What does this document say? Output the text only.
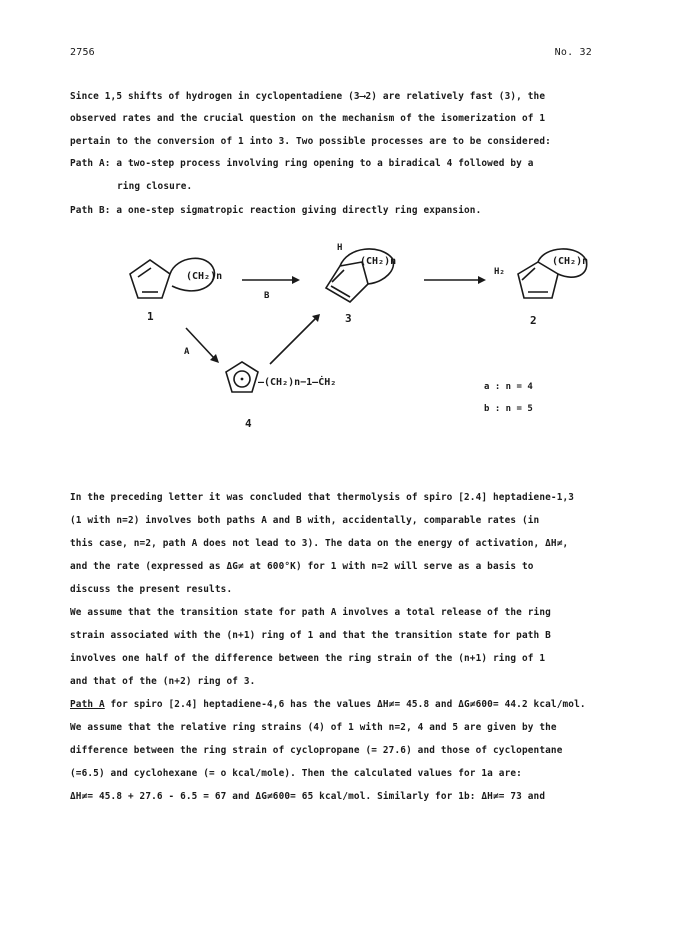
2756	No. 32
Since 1,5 shifts of hydrogen in cyclopentadiene (3⟶2) are relatively fast (3), the
observed rates and the crucial question on the mechanism of the isomerization of 1
pertain to the conversion of 1 into 3. Two possible processes are to be considered:
Path A: a two-step process involving ring opening to a biradical 4 followed by a
ring closure.
Path B: a one-step sigmatropic reaction giving directly ring expansion.
(CH₂)n
1
B
H
(CH₂)n
3
H₂
(CH₂)n
2
A
—(CH₂)n−1—ĊH₂
4
a : n = 4
b : n = 5
In the preceding letter it was concluded that thermolysis of spiro [2.4] heptadiene-1,3
(1 with n=2) involves both paths A and B with, accidentally, comparable rates (in
this case, n=2, path A does not lead to 3). The data on the energy of activation, ΔH≠,
and the rate (expressed as ΔG≠ at 600°K) for 1 with n=2 will serve as a basis to
discuss the present results.
We assume that the transition state for path A involves a total release of the ring
strain associated with the (n+1) ring of 1 and that the transition state for path B
involves one half of the difference between the ring strain of the (n+1) ring of 1
and that of the (n+2) ring of 3.
Path A for spiro [2.4] heptadiene-4,6 has the values ΔH≠= 45.8 and ΔG≠600= 44.2 kcal/mol.
We assume that the relative ring strains (4) of 1 with n=2, 4 and 5 are given by the
difference between the ring strain of cyclopropane (= 27.6) and those of cyclopentane
(=6.5) and cyclohexane (= o kcal/mole). Then the calculated values for 1a are:
ΔH≠= 45.8 + 27.6 - 6.5 = 67 and ΔG≠600= 65 kcal/mol. Similarly for 1b: ΔH≠= 73 and
